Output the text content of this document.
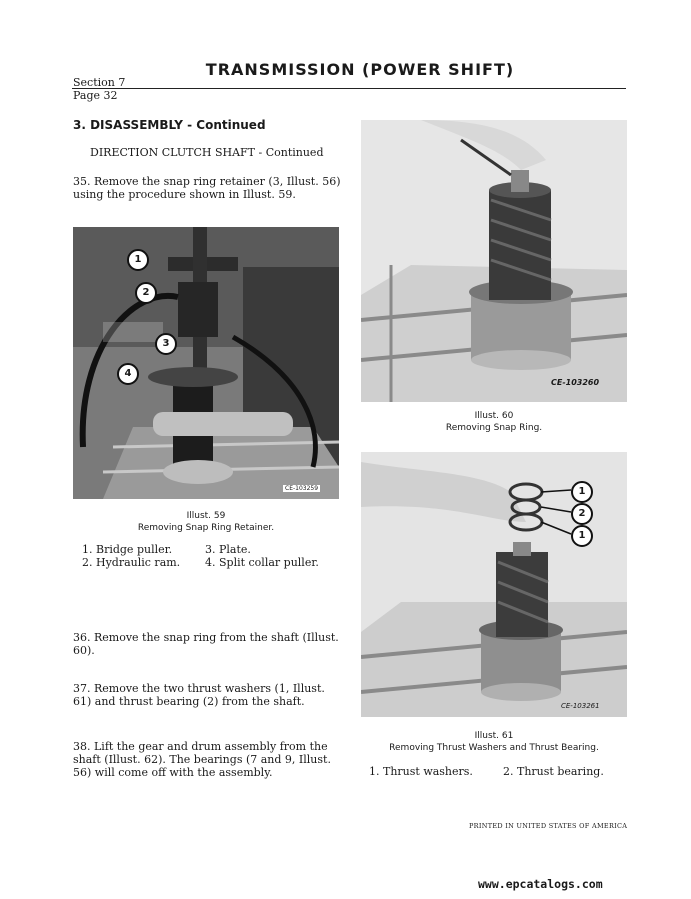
TRANSMISSION (POWER SHIFT)
Section 7
Page 32
3. DISASSEMBLY - Continued
DIRECTION CLUTCH SHAFT - Continued
35. Remove the snap ring retainer (3, Illust. 56) using the procedure shown in Illust. 59.
1
2
3
4
CE-103259
Illust. 59
Removing Snap Ring Retainer.
1. Bridge puller.	3. Plate.
2. Hydraulic ram. 4. Split collar puller.
36. Remove the snap ring from the shaft (Illust. 60).
37. Remove the two thrust washers (1, Illust. 61) and thrust bearing (2) from the shaft.
38. Lift the gear and drum assembly from the shaft (Illust. 62). The bearings (7 and 9, Illust. 56) will come off with the assembly.
CE-103260
Illust. 60
Removing Snap Ring.
1
2
1
CE-103261
Illust. 61
Removing Thrust Washers and Thrust Bearing.
1. Thrust washers.	2. Thrust bearing.
PRINTED IN UNITED STATES OF AMERICA
www.epcatalogs.com
